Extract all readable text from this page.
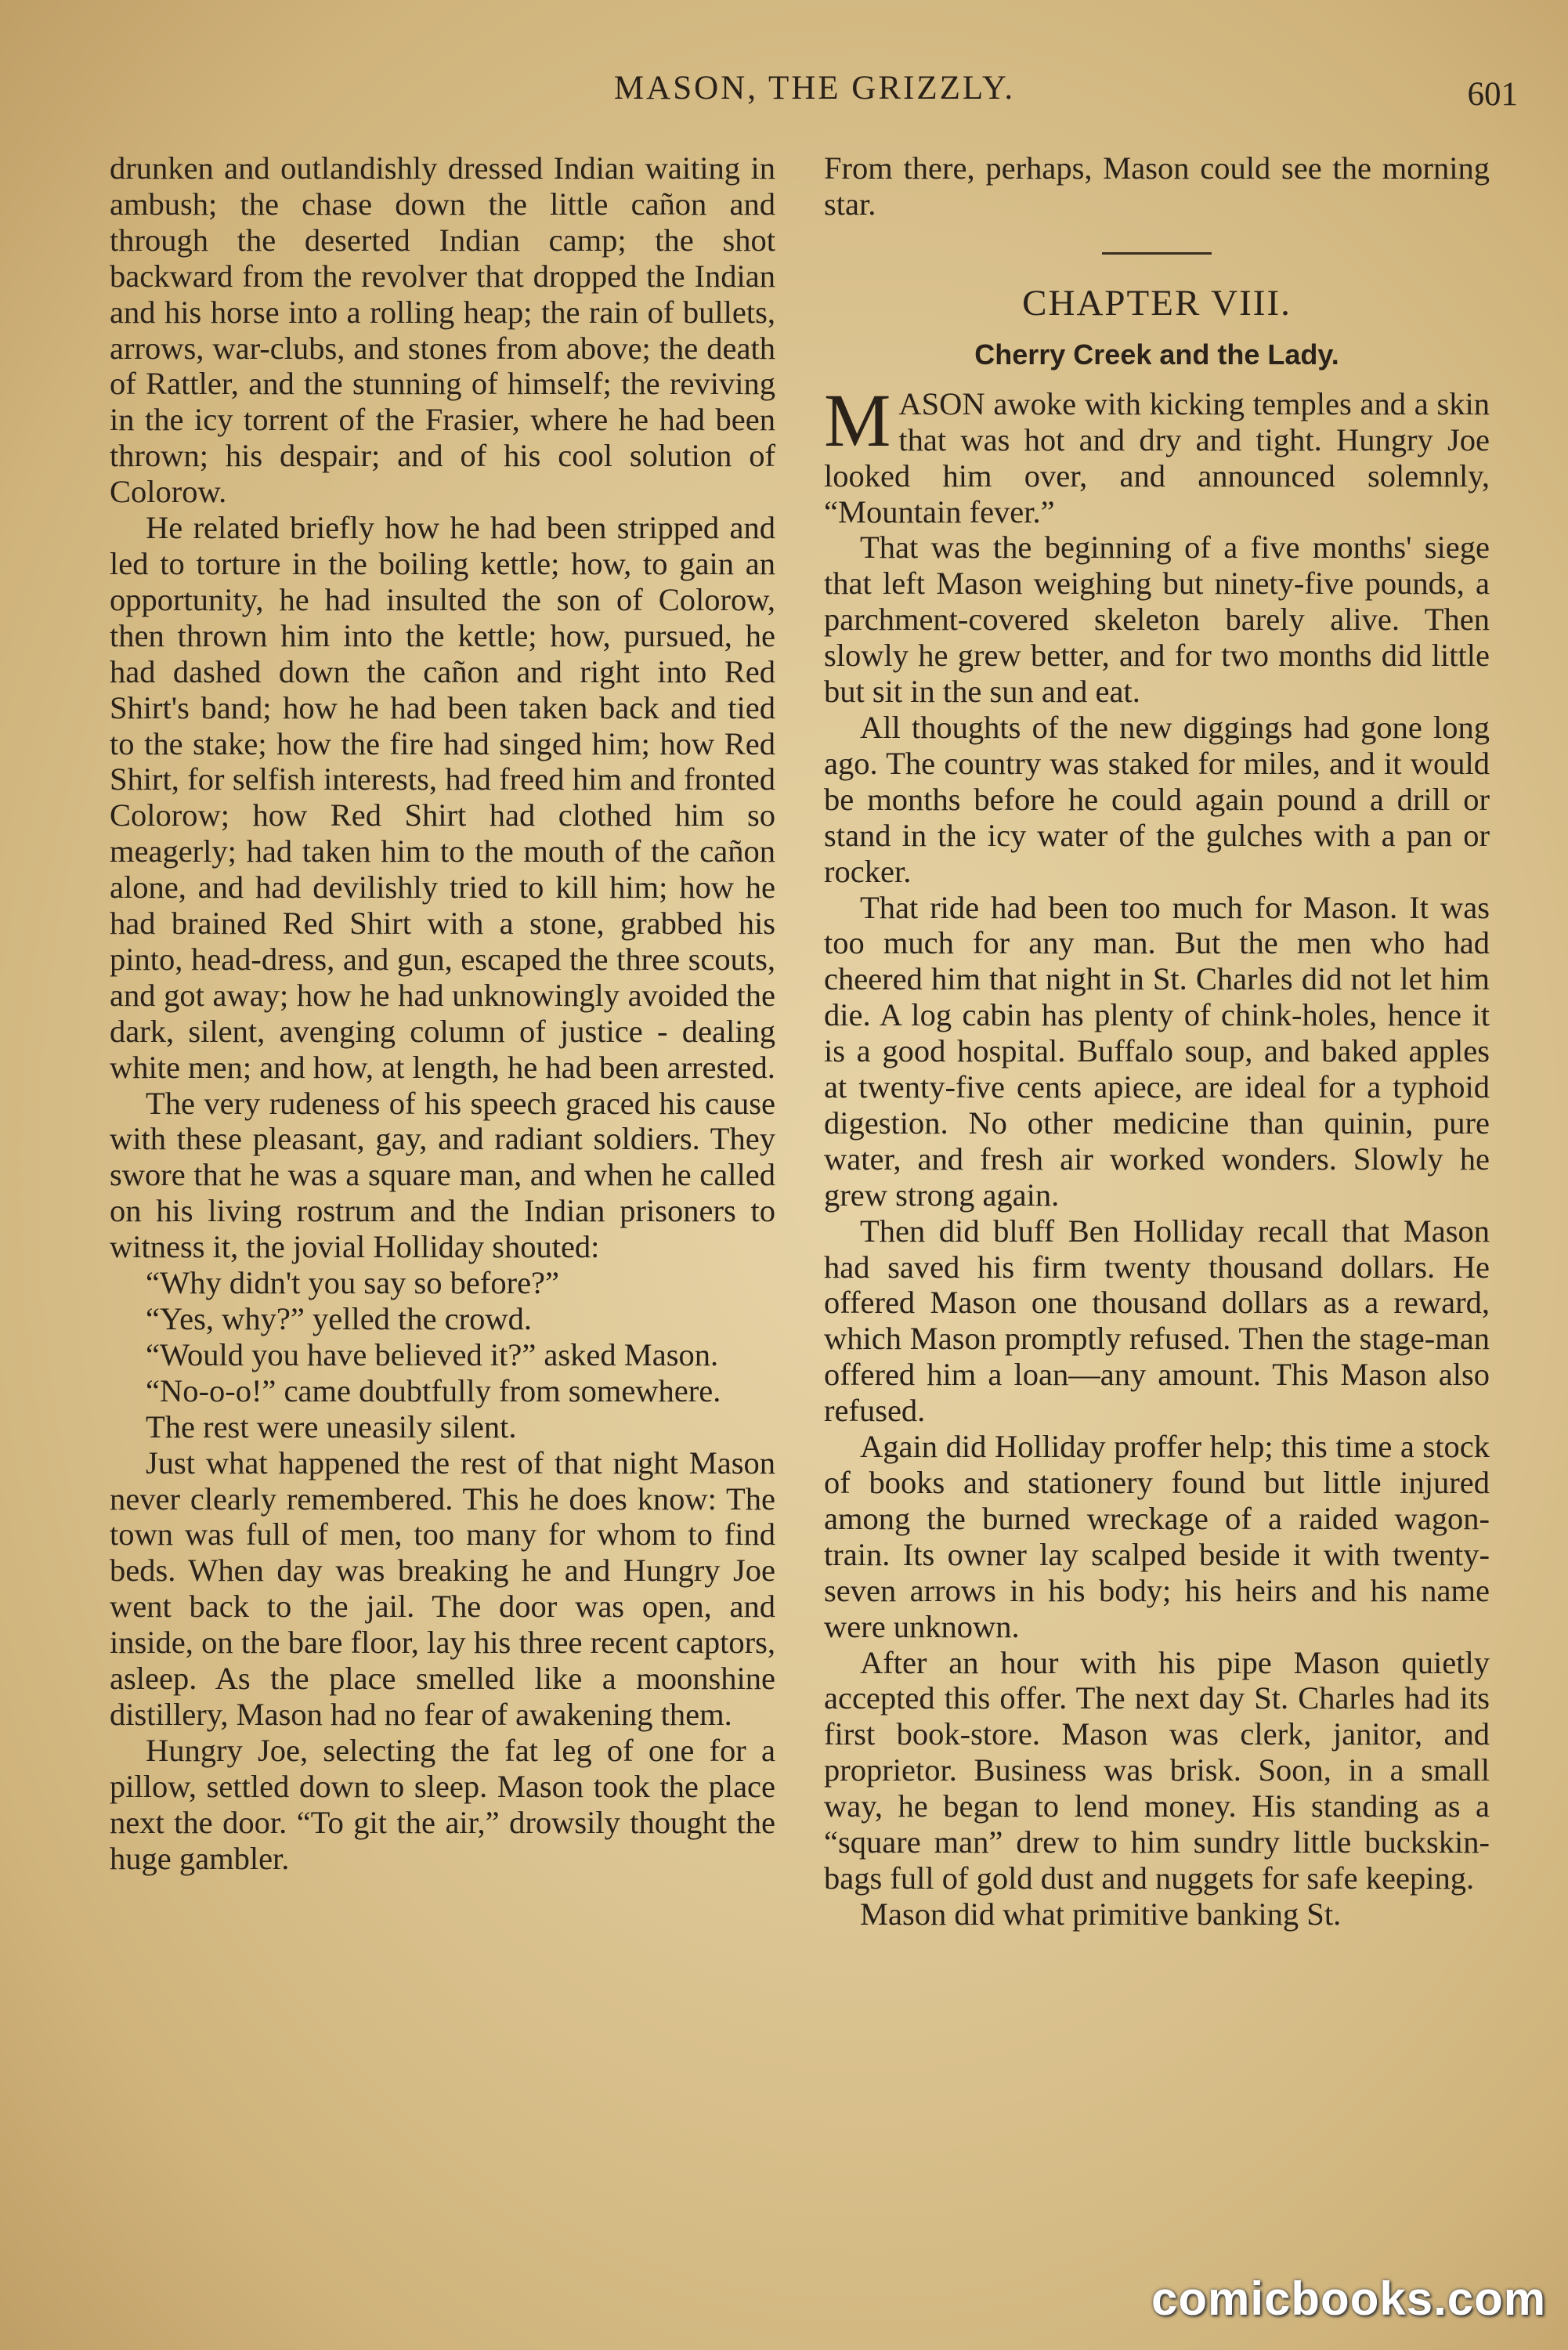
MASON, THE GRIZZLY.	601

drunken and outlandishly dressed Indian waiting in ambush; the chase down the little cañon and through the deserted Indian camp; the shot backward from the revolver that dropped the Indian and his horse into a rolling heap; the rain of bullets, arrows, war-clubs, and stones from above; the death of Rattler, and the stunning of himself; the reviving in the icy torrent of the Frasier, where he had been thrown; his despair; and of his cool solution of Colorow.

He related briefly how he had been stripped and led to torture in the boiling kettle; how, to gain an opportunity, he had insulted the son of Colorow, then thrown him into the kettle; how, pursued, he had dashed down the cañon and right into Red Shirt's band; how he had been taken back and tied to the stake; how the fire had singed him; how Red Shirt, for selfish interests, had freed him and fronted Colorow; how Red Shirt had clothed him so meagerly; had taken him to the mouth of the cañon alone, and had devilishly tried to kill him; how he had brained Red Shirt with a stone, grabbed his pinto, head-dress, and gun, escaped the three scouts, and got away; how he had unknowingly avoided the dark, silent, avenging column of justice - dealing white men; and how, at length, he had been arrested.

The very rudeness of his speech graced his cause with these pleasant, gay, and radiant soldiers. They swore that he was a square man, and when he called on his living rostrum and the Indian prisoners to witness it, the jovial Holliday shouted:

“Why didn't you say so before?”

“Yes, why?” yelled the crowd.

“Would you have believed it?” asked Mason.

“No-o-o!” came doubtfully from somewhere.

The rest were uneasily silent.

Just what happened the rest of that night Mason never clearly remembered. This he does know: The town was full of men, too many for whom to find beds. When day was breaking he and Hungry Joe went back to the jail. The door was open, and inside, on the bare floor, lay his three recent captors, asleep. As the place smelled like a moonshine distillery, Mason had no fear of awakening them.

Hungry Joe, selecting the fat leg of one for a pillow, settled down to sleep. Mason took the place next the door. “To git the air,” drowsily thought the huge gambler.

From there, perhaps, Mason could see the morning star.

CHAPTER VIII.
Cherry Creek and the Lady.

MASON awoke with kicking temples and a skin that was hot and dry and tight. Hungry Joe looked him over, and announced solemnly, “Mountain fever.”

That was the beginning of a five months' siege that left Mason weighing but ninety-five pounds, a parchment-covered skeleton barely alive. Then slowly he grew better, and for two months did little but sit in the sun and eat.

All thoughts of the new diggings had gone long ago. The country was staked for miles, and it would be months before he could again pound a drill or stand in the icy water of the gulches with a pan or rocker.

That ride had been too much for Mason. It was too much for any man. But the men who had cheered him that night in St. Charles did not let him die. A log cabin has plenty of chink-holes, hence it is a good hospital. Buffalo soup, and baked apples at twenty-five cents apiece, are ideal for a typhoid digestion. No other medicine than quinin, pure water, and fresh air worked wonders. Slowly he grew strong again.

Then did bluff Ben Holliday recall that Mason had saved his firm twenty thousand dollars. He offered Mason one thousand dollars as a reward, which Mason promptly refused. Then the stage-man offered him a loan—any amount. This Mason also refused.

Again did Holliday proffer help; this time a stock of books and stationery found but little injured among the burned wreckage of a raided wagon-train. Its owner lay scalped beside it with twenty-seven arrows in his body; his heirs and his name were unknown.

After an hour with his pipe Mason quietly accepted this offer. The next day St. Charles had its first book-store. Mason was clerk, janitor, and proprietor. Business was brisk. Soon, in a small way, he began to lend money. His standing as a “square man” drew to him sundry little buckskin-bags full of gold dust and nuggets for safe keeping.

Mason did what primitive banking St.

comicbooks.com
